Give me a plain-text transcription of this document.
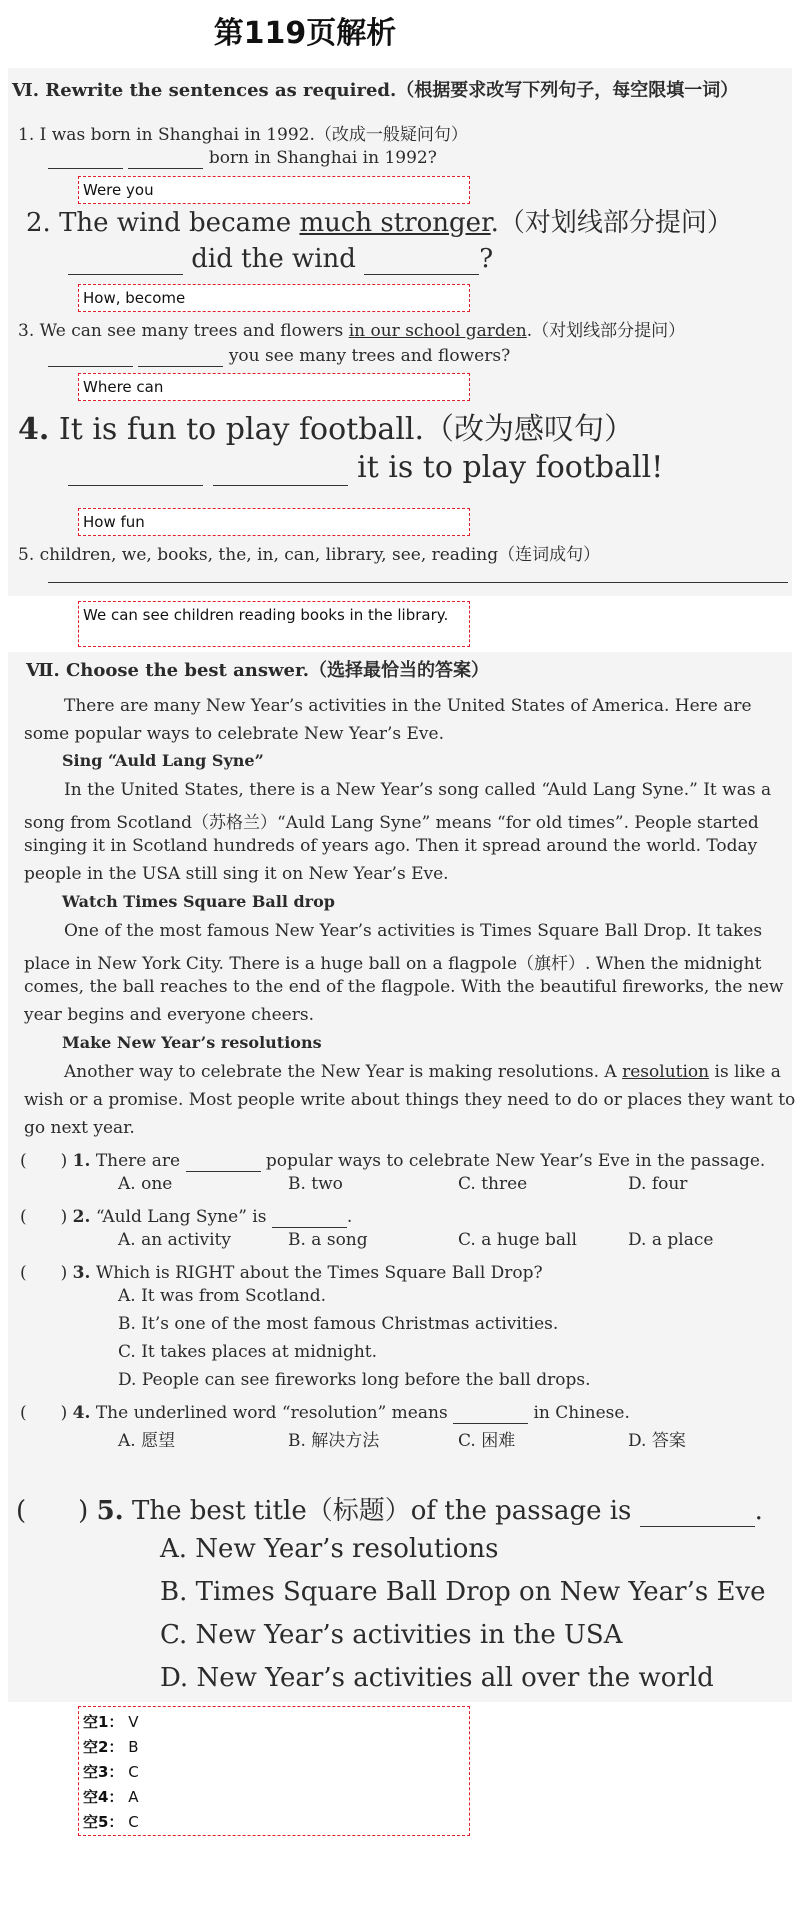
第119页解析
Ⅵ. Rewrite the sentences as required.（根据要求改写下列句子，每空限填一词）
1. I was born in Shanghai in 1992.（改成一般疑问句）
born in Shanghai in 1992?
2. The wind became much stronger.（对划线部分提问）
did the wind	?
3. We can see many trees and flowers in our school garden.（对划线部分提问）
you see many trees and flowers?
4. It is fun to play football.（改为感叹句）
it is to play football!
5. children, we, books, the, in, can, library, see, reading（连词成句）
Were you
How, become
Where can
How fun
We can see children reading books in the library.
Ⅶ. Choose the best answer.（选择最恰当的答案）
There are many New Year’s activities in the United States of America. Here are
some popular ways to celebrate New Year’s Eve.
Sing “Auld Lang Syne”
In the United States, there is a New Year’s song called “Auld Lang Syne.” It was a
song from Scotland（苏格兰）“Auld Lang Syne” means “for old times”. People started
singing it in Scotland hundreds of years ago. Then it spread around the world. Today
people in the USA still sing it on New Year’s Eve.
Watch Times Square Ball drop
One of the most famous New Year’s activities is Times Square Ball Drop. It takes
place in New York City. There is a huge ball on a flagpole（旗杆）. When the midnight
comes, the ball reaches to the end of the flagpole. With the beautiful fireworks, the new
year begins and everyone cheers.
Make New Year’s resolutions
Another way to celebrate the New Year is making resolutions. A resolution is like a
wish or a promise. Most people write about things they need to do or places they want to
go next year.
(　　) 1. There are	popular ways to celebrate New Year’s Eve in the passage.
A. one	B. two	C. three	D. four
(　　) 2. “Auld Lang Syne” is	.
A. an activity	B. a song	C. a huge ball	D. a place
(　　) 3. Which is RIGHT about the Times Square Ball Drop?
A. It was from Scotland.
B. It’s one of the most famous Christmas activities.
C. It takes places at midnight.
D. People can see fireworks long before the ball drops.
(　　) 4. The underlined word “resolution” means	in Chinese.
A. 愿望	B. 解决方法	C. 困难	D. 答案
(　　) 5. The best title（标题）of the passage is	.
A. New Year’s resolutions
B. Times Square Ball Drop on New Year’s Eve
C. New Year’s activities in the USA
D. New Year’s activities all over the world
空1： V
空2： B
空3： C
空4： A
空5： C
